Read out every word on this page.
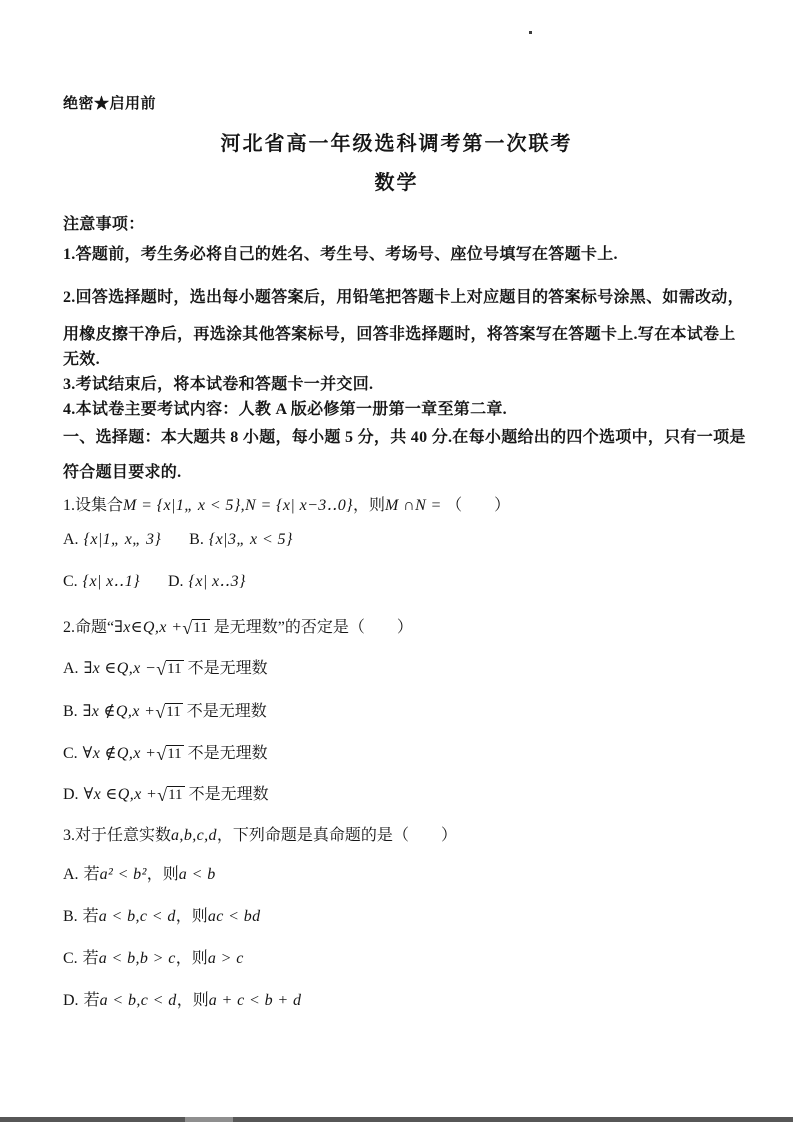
绝密★启用前
河北省高一年级选科调考第一次联考
数学
注意事项：
1.答题前，考生务必将自己的姓名、考生号、考场号、座位号填写在答题卡上.
2.回答选择题时，选出每小题答案后，用铅笔把答题卡上对应题目的答案标号涂黑、如需改动，
用橡皮擦干净后，再选涂其他答案标号，回答非选择题时，将答案写在答题卡上.写在本试卷上
无效.
3.考试结束后，将本试卷和答题卡一并交回.
4.本试卷主要考试内容：人教 A 版必修第一册第一章至第二章.
一、选择题：本大题共 8 小题，每小题 5 分，共 40 分.在每小题给出的四个选项中，只有一项是
符合题目要求的.
1.设集合M = {x|1„ x < 5},N = {x| x−3‥0}，则M ∩N = （　　）
A. {x|1„ x„ 3} B. {x|3„ x < 5}
C. {x| x‥1} D. {x| x‥3}
2.命题“∃x∈Q,x +√11 是无理数”的否定是（　　）
A. ∃x ∈Q,x −√11 不是无理数
B. ∃x ∉Q,x +√11 不是无理数
C. ∀x ∉Q,x +√11 不是无理数
D. ∀x ∈Q,x +√11 不是无理数
3.对于任意实数a,b,c,d，下列命题是真命题的是（　　）
A. 若a² < b²，则a < b
B. 若a < b,c < d，则ac < bd
C. 若a < b,b > c，则a > c
D. 若a < b,c < d，则a + c < b + d
